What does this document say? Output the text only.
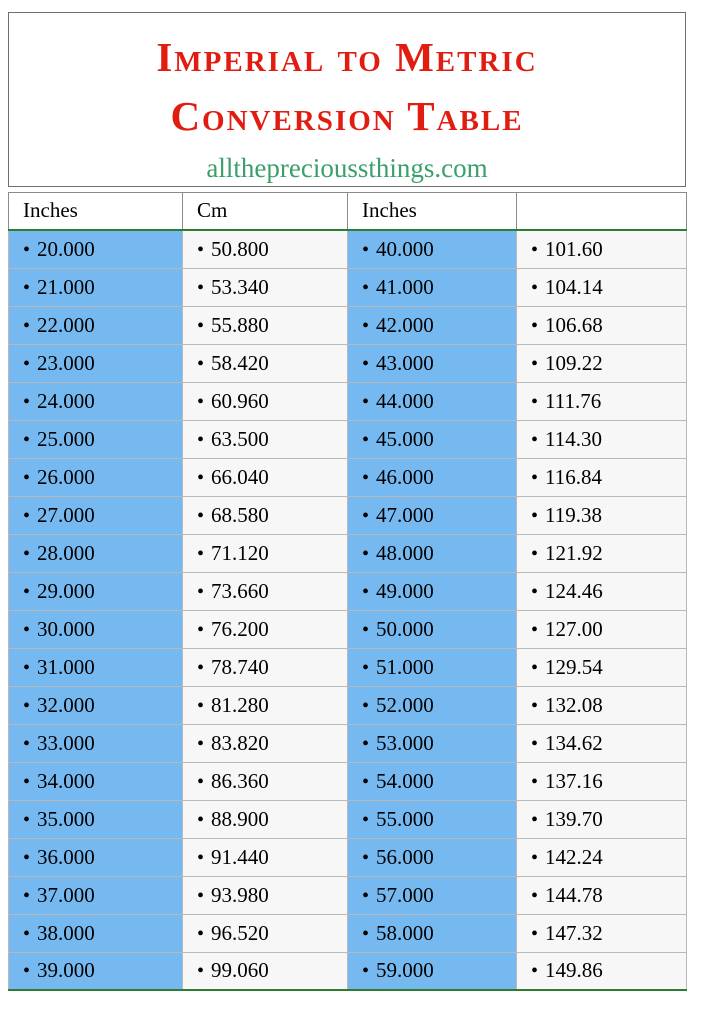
Imperial to Metric
Conversion Table
alltheprecioussthings.com
Inches	Cm	Inches	
• 20.000	• 50.800	• 40.000	• 101.60
• 21.000	• 53.340	• 41.000	• 104.14
• 22.000	• 55.880	• 42.000	• 106.68
• 23.000	• 58.420	• 43.000	• 109.22
• 24.000	• 60.960	• 44.000	• 111.76
• 25.000	• 63.500	• 45.000	• 114.30
• 26.000	• 66.040	• 46.000	• 116.84
• 27.000	• 68.580	• 47.000	• 119.38
• 28.000	• 71.120	• 48.000	• 121.92
• 29.000	• 73.660	• 49.000	• 124.46
• 30.000	• 76.200	• 50.000	• 127.00
• 31.000	• 78.740	• 51.000	• 129.54
• 32.000	• 81.280	• 52.000	• 132.08
• 33.000	• 83.820	• 53.000	• 134.62
• 34.000	• 86.360	• 54.000	• 137.16
• 35.000	• 88.900	• 55.000	• 139.70
• 36.000	• 91.440	• 56.000	• 142.24
• 37.000	• 93.980	• 57.000	• 144.78
• 38.000	• 96.520	• 58.000	• 147.32
• 39.000	• 99.060	• 59.000	• 149.86
